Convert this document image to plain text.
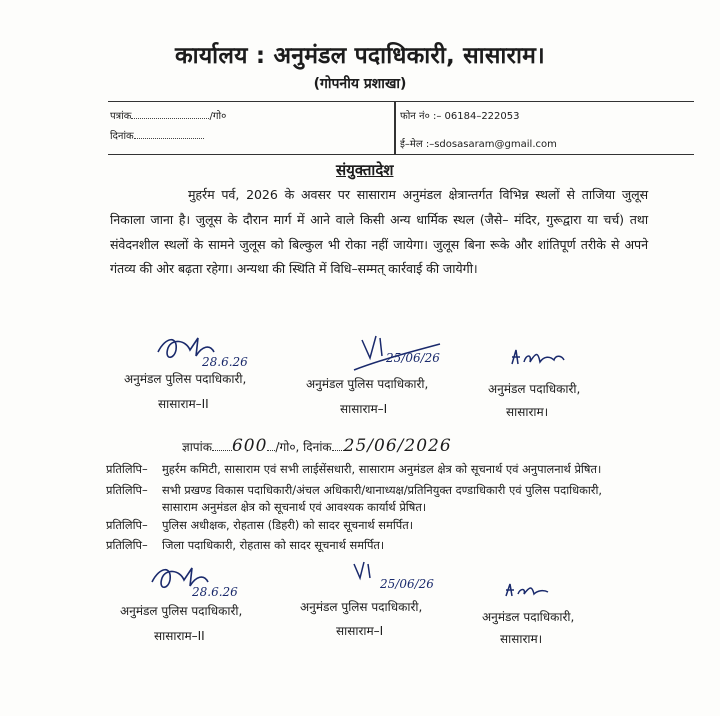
कार्यालय : अनुमंडल पदाधिकारी, सासाराम।
(गोपनीय प्रशाखा)
पत्रांक	/गो०
दिनांक
फोन नं० :– 06184–222053
ई–मेल :–sdosasaram@gmail.com
संयुक्तादेश
मुहर्रम पर्व, 2026 के अवसर पर सासाराम अनुमंडल क्षेत्रान्तर्गत विभिन्न स्थलों से ताजिया जुलूस निकाला जाना है। जुलूस के दौरान मार्ग में आने वाले किसी अन्य धार्मिक स्थल (जैसे– मंदिर, गुरूद्वारा या चर्च) तथा संवेदनशील स्थलों के सामने जुलूस को बिल्कुल भी रोका नहीं जायेगा। जुलूस बिना रूके और शांतिपूर्ण तरीके से अपने गंतव्य की ओर बढ़ता रहेगा। अन्यथा की स्थिति में विधि–सम्मत् कार्रवाई की जायेगी।
28.6.26	25/06/26
अनुमंडल पुलिस पदाधिकारी,
सासाराम–II
अनुमंडल पुलिस पदाधिकारी,
सासाराम–I
अनुमंडल पदाधिकारी,
सासाराम।
ज्ञापांक 600 /गो०, दिनांक 25/06/2026
प्रतिलिपि– मुहर्रम कमिटी, सासाराम एवं सभी लाईसेंसधारी, सासाराम अनुमंडल क्षेत्र को सूचनार्थ एवं अनुपालनार्थ प्रेषित।
प्रतिलिपि– सभी प्रखण्ड विकास पदाधिकारी/अंचल अधिकारी/थानाध्यक्ष/प्रतिनियुक्त दण्डाधिकारी एवं पुलिस पदाधिकारी,
सासाराम अनुमंडल क्षेत्र को सूचनार्थ एवं आवश्यक कार्यार्थ प्रेषित।
प्रतिलिपि– पुलिस अधीक्षक, रोहतास (डिहरी) को सादर सूचनार्थ समर्पित।
प्रतिलिपि– जिला पदाधिकारी, रोहतास को सादर सूचनार्थ समर्पित।
28.6.26
25/06/26
अनुमंडल पुलिस पदाधिकारी,
सासाराम–II
अनुमंडल पुलिस पदाधिकारी,
सासाराम–I
अनुमंडल पदाधिकारी,
सासाराम।
